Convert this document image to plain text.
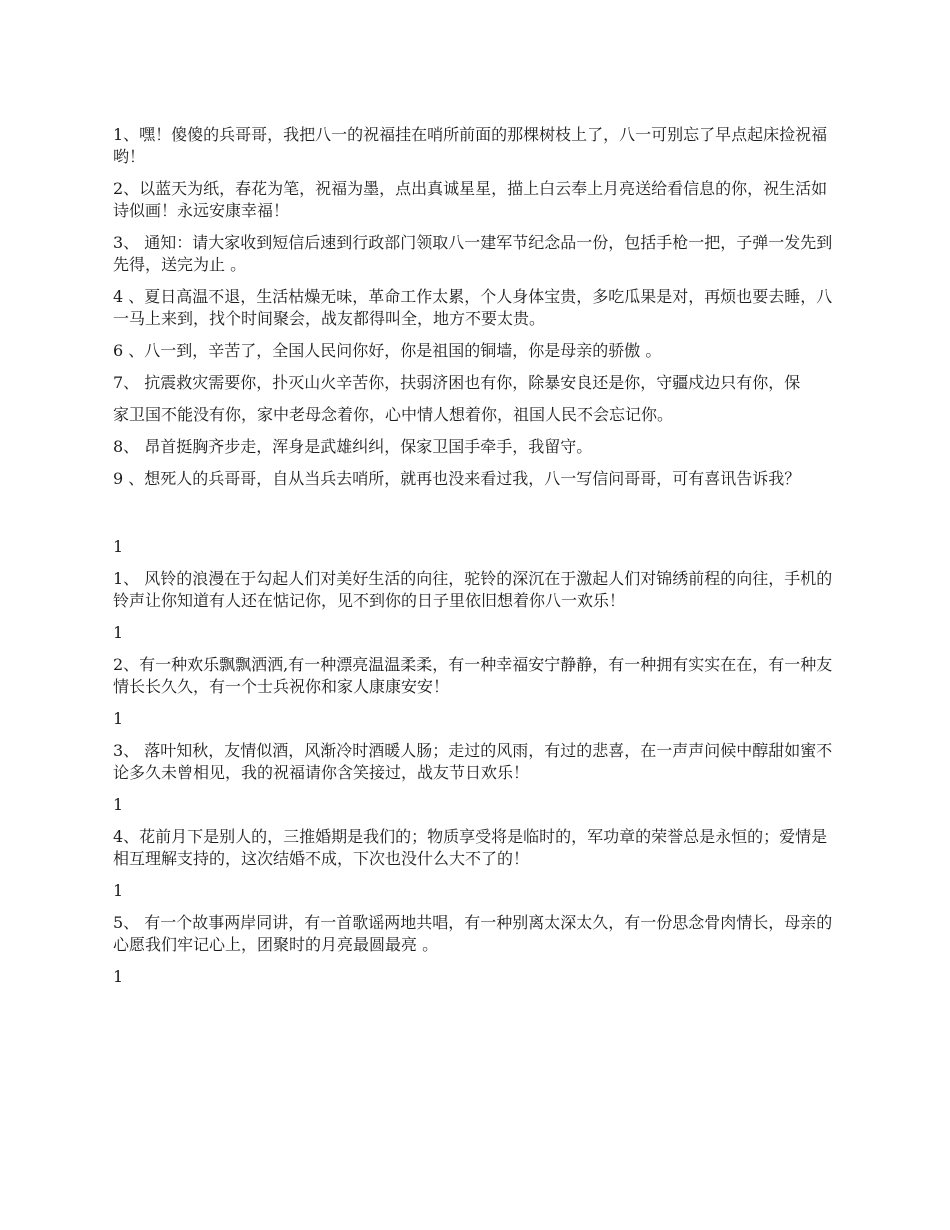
1、嘿！傻傻的兵哥哥，我把八一的祝福挂在哨所前面的那棵树枝上了，八一可别忘了早点起床捡祝福哟！

2、以蓝天为纸，春花为笔，祝福为墨，点出真诚星星，描上白云奉上月亮送给看信息的你，祝生活如诗似画！永远安康幸福！

3、 通知：请大家收到短信后速到行政部门领取八一建军节纪念品一份，包括手枪一把，子弹一发先到先得，送完为止 。

4 、夏日高温不退，生活枯燥无味，革命工作太累，个人身体宝贵，多吃瓜果是对，再烦也要去睡，八一马上来到，找个时间聚会，战友都得叫全，地方不要太贵。

6 、八一到，辛苦了，全国人民问你好，你是祖国的铜墙，你是母亲的骄傲 。

7、 抗震救灾需要你，扑灭山火辛苦你，扶弱济困也有你，除暴安良还是你，守疆戍边只有你，保

家卫国不能没有你，家中老母念着你，心中情人想着你，祖国人民不会忘记你。

8、 昂首挺胸齐步走，浑身是武雄纠纠，保家卫国手牵手，我留守。

9 、想死人的兵哥哥，自从当兵去哨所，就再也没来看过我，八一写信问哥哥，可有喜讯告诉我？

1

1、 风铃的浪漫在于勾起人们对美好生活的向往，驼铃的深沉在于激起人们对锦绣前程的向往，手机的铃声让你知道有人还在惦记你，见不到你的日子里依旧想着你八一欢乐！

1

2、有一种欢乐飘飘洒洒,有一种漂亮温温柔柔，有一种幸福安宁静静，有一种拥有实实在在，有一种友情长长久久，有一个士兵祝你和家人康康安安！

1

3、 落叶知秋，友情似酒，风渐冷时酒暖人肠；走过的风雨，有过的悲喜，在一声声问候中醇甜如蜜不论多久未曾相见，我的祝福请你含笑接过，战友节日欢乐！

1

4、花前月下是别人的，三推婚期是我们的；物质享受将是临时的，军功章的荣誉总是永恒的；爱情是相互理解支持的，这次结婚不成，下次也没什么大不了的！

1

5、 有一个故事两岸同讲，有一首歌谣两地共唱，有一种别离太深太久，有一份思念骨肉情长，母亲的心愿我们牢记心上，团聚时的月亮最圆最亮 。

1
